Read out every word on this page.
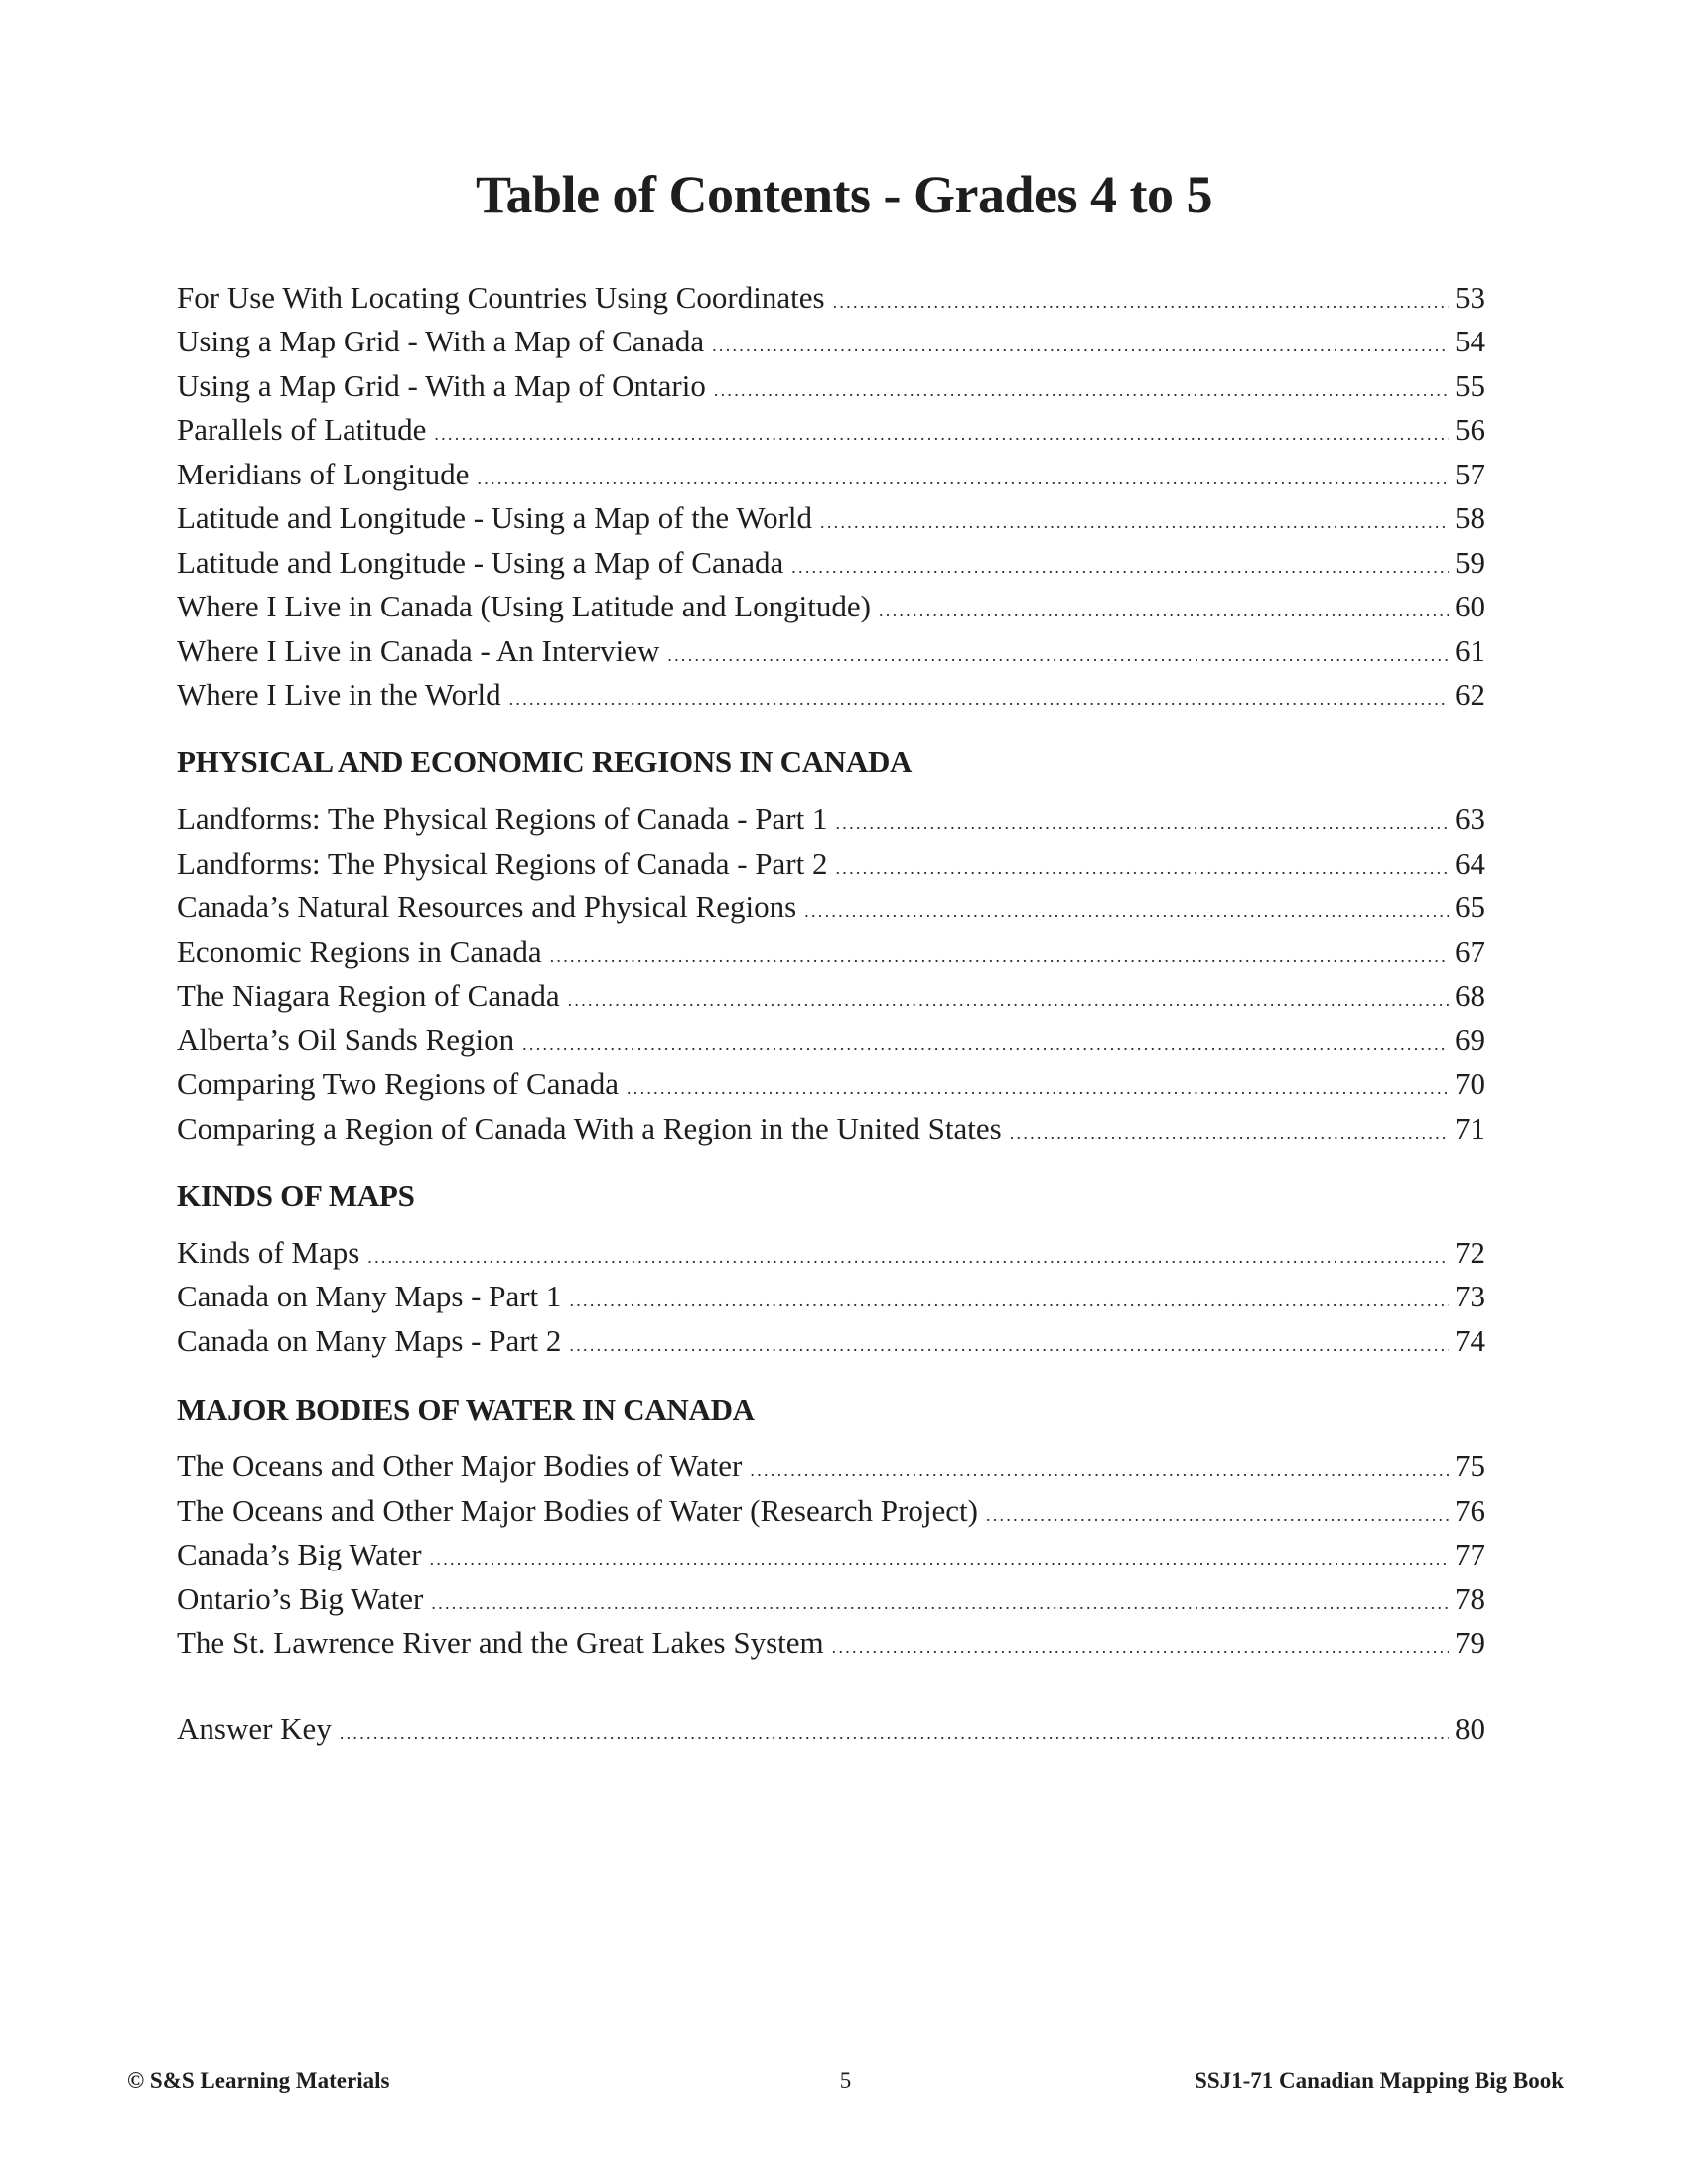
Table of Contents - Grades 4 to 5
For Use With Locating Countries Using Coordinates .....	53
Using a Map Grid - With a Map of Canada .....	54
Using a Map Grid - With a Map of Ontario .....	55
Parallels of Latitude .....	56
Meridians of Longitude .....	57
Latitude and Longitude - Using a Map of the World .....	58
Latitude and Longitude - Using a Map of Canada .....	59
Where I Live in Canada (Using Latitude and Longitude) .....	60
Where I Live in Canada - An Interview .....	61
Where I Live in the World .....	62
PHYSICAL AND ECONOMIC REGIONS IN CANADA
Landforms: The Physical Regions of Canada - Part 1 .....	63
Landforms: The Physical Regions of Canada - Part 2 .....	64
Canada’s Natural Resources and Physical Regions .....	65
Economic Regions in Canada .....	67
The Niagara Region of Canada .....	68
Alberta’s Oil Sands Region .....	69
Comparing Two Regions of Canada .....	70
Comparing a Region of Canada With a Region in the United States .....	71
KINDS OF MAPS
Kinds of Maps .....	72
Canada on Many Maps - Part 1 .....	73
Canada on Many Maps - Part 2 .....	74
MAJOR BODIES OF WATER IN CANADA
The Oceans and Other Major Bodies of Water .....	75
The Oceans and Other Major Bodies of Water (Research Project) .....	76
Canada’s Big Water .....	77
Ontario’s Big Water .....	78
The St. Lawrence River and the Great Lakes System .....	79
Answer Key .....	80
© S&S Learning Materials	5	SSJ1-71 Canadian Mapping Big Book
